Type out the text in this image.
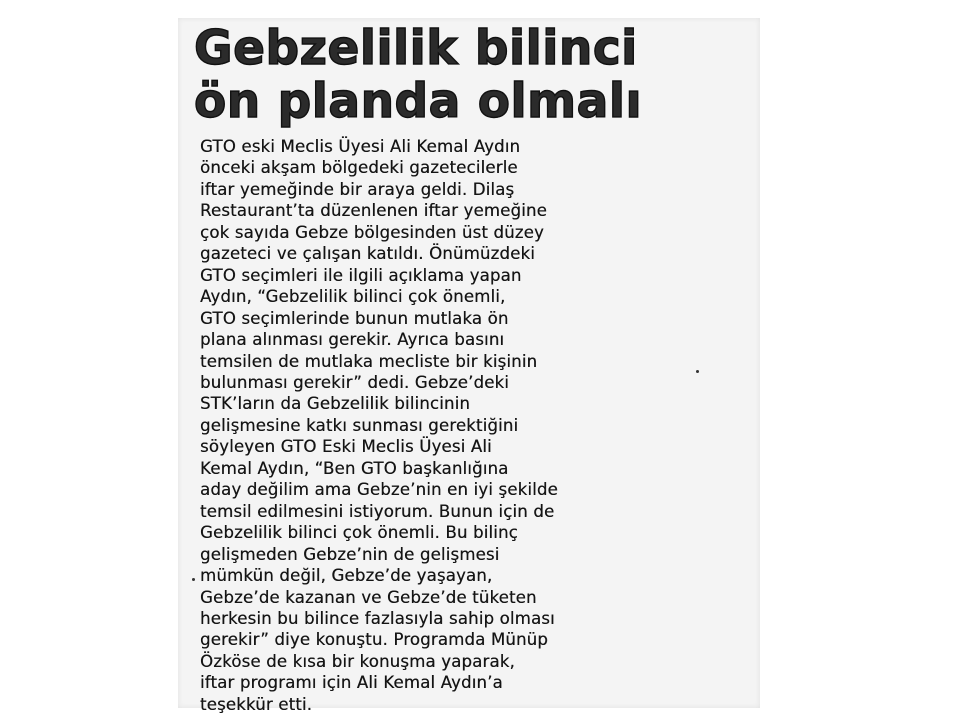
Gebzelilik bilinci
ön planda olmalı
GTO eski Meclis Üyesi Ali Kemal Aydın
önceki akşam bölgedeki gazetecilerle
iftar yemeğinde bir araya geldi. Dilaş
Restaurant’ta düzenlenen iftar yemeğine
çok sayıda Gebze bölgesinden üst düzey
gazeteci ve çalışan katıldı. Önümüzdeki
GTO seçimleri ile ilgili açıklama yapan
Aydın, “Gebzelilik bilinci çok önemli,
GTO seçimlerinde bunun mutlaka ön
plana alınması gerekir. Ayrıca basını
temsilen de mutlaka mecliste bir kişinin
bulunması gerekir” dedi. Gebze’deki
STK’ların da Gebzelilik bilincinin
gelişmesine katkı sunması gerektiğini
söyleyen GTO Eski Meclis Üyesi Ali
Kemal Aydın, “Ben GTO başkanlığına
aday değilim ama Gebze’nin en iyi şekilde
temsil edilmesini istiyorum. Bunun için de
Gebzelilik bilinci çok önemli. Bu bilinç
gelişmeden Gebze’nin de gelişmesi
mümkün değil, Gebze’de yaşayan,
Gebze’de kazanan ve Gebze’de tüketen
herkesin bu bilince fazlasıyla sahip olması
gerekir” diye konuştu. Programda Münüp
Özköse de kısa bir konuşma yaparak,
iftar programı için Ali Kemal Aydın’a
teşekkür etti.
